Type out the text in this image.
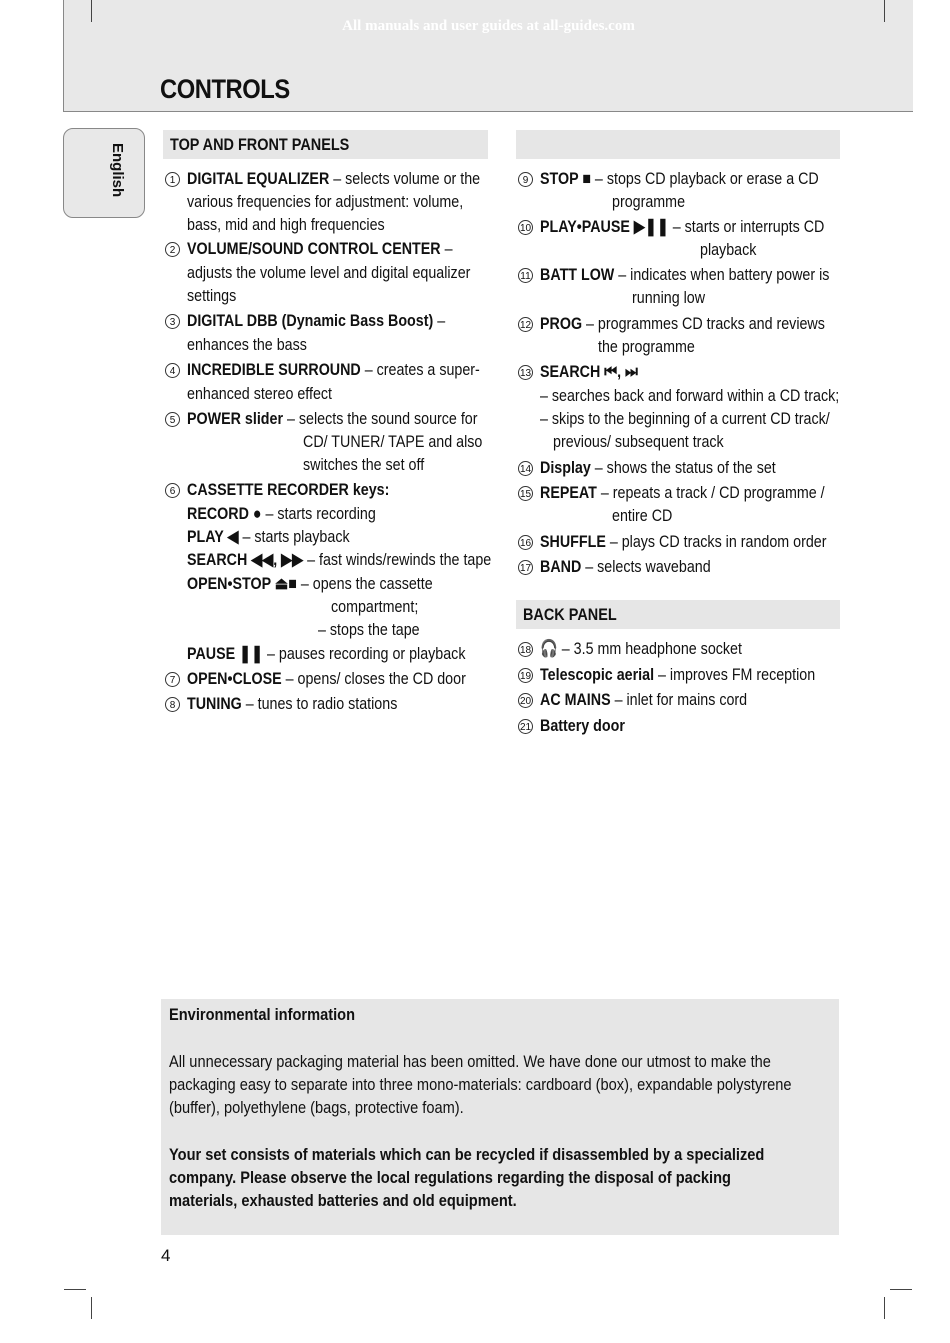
All manuals and user guides at all-guides.com
CONTROLS
English	TOP AND FRONT PANELS
1 DIGITAL EQUALIZER – selects volume or the
various frequencies for adjustment: volume,
bass, mid and high frequencies
2 VOLUME/SOUND CONTROL CENTER –
adjusts the volume level and digital equalizer
settings
3 DIGITAL DBB (Dynamic Bass Boost) –
enhances the bass
4 INCREDIBLE SURROUND – creates a super-
enhanced stereo effect
5 POWER slider – selects the sound source for
CD/ TUNER/ TAPE and also
switches the set off
6 CASSETTE RECORDER keys:
RECORD ● – starts recording
PLAY ◀ – starts playback
SEARCH ◀◀, ▶▶ – fast winds/rewinds the tape
OPEN•STOP ⏏■ – opens the cassette
compartment;
– stops the tape
PAUSE ❚❚ – pauses recording or playback
7 OPEN•CLOSE – opens/ closes the CD door
8 TUNING – tunes to radio stations
9 STOP ■ – stops CD playback or erase a CD
programme
10 PLAY•PAUSE ▶❚❚ – starts or interrupts CD
playback
11 BATT LOW – indicates when battery power is
running low
12 PROG – programmes CD tracks and reviews
the programme
13 SEARCH ⏮, ⏭
– searches back and forward within a CD track;
– skips to the beginning of a current CD track/
previous/ subsequent track
14 Display – shows the status of the set
15 REPEAT – repeats a track / CD programme /
entire CD
16 SHUFFLE – plays CD tracks in random order
17 BAND – selects waveband
BACK PANEL
18 🎧 – 3.5 mm headphone socket
19 Telescopic aerial – improves FM reception
20 AC MAINS – inlet for mains cord
21 Battery door
Environmental information
All unnecessary packaging material has been omitted. We have done our utmost to make the
packaging easy to separate into three mono-materials: cardboard (box), expandable polystyrene
(buffer), polyethylene (bags, protective foam).
Your set consists of materials which can be recycled if disassembled by a specialized
company. Please observe the local regulations regarding the disposal of packing
materials, exhausted batteries and old equipment.
4
